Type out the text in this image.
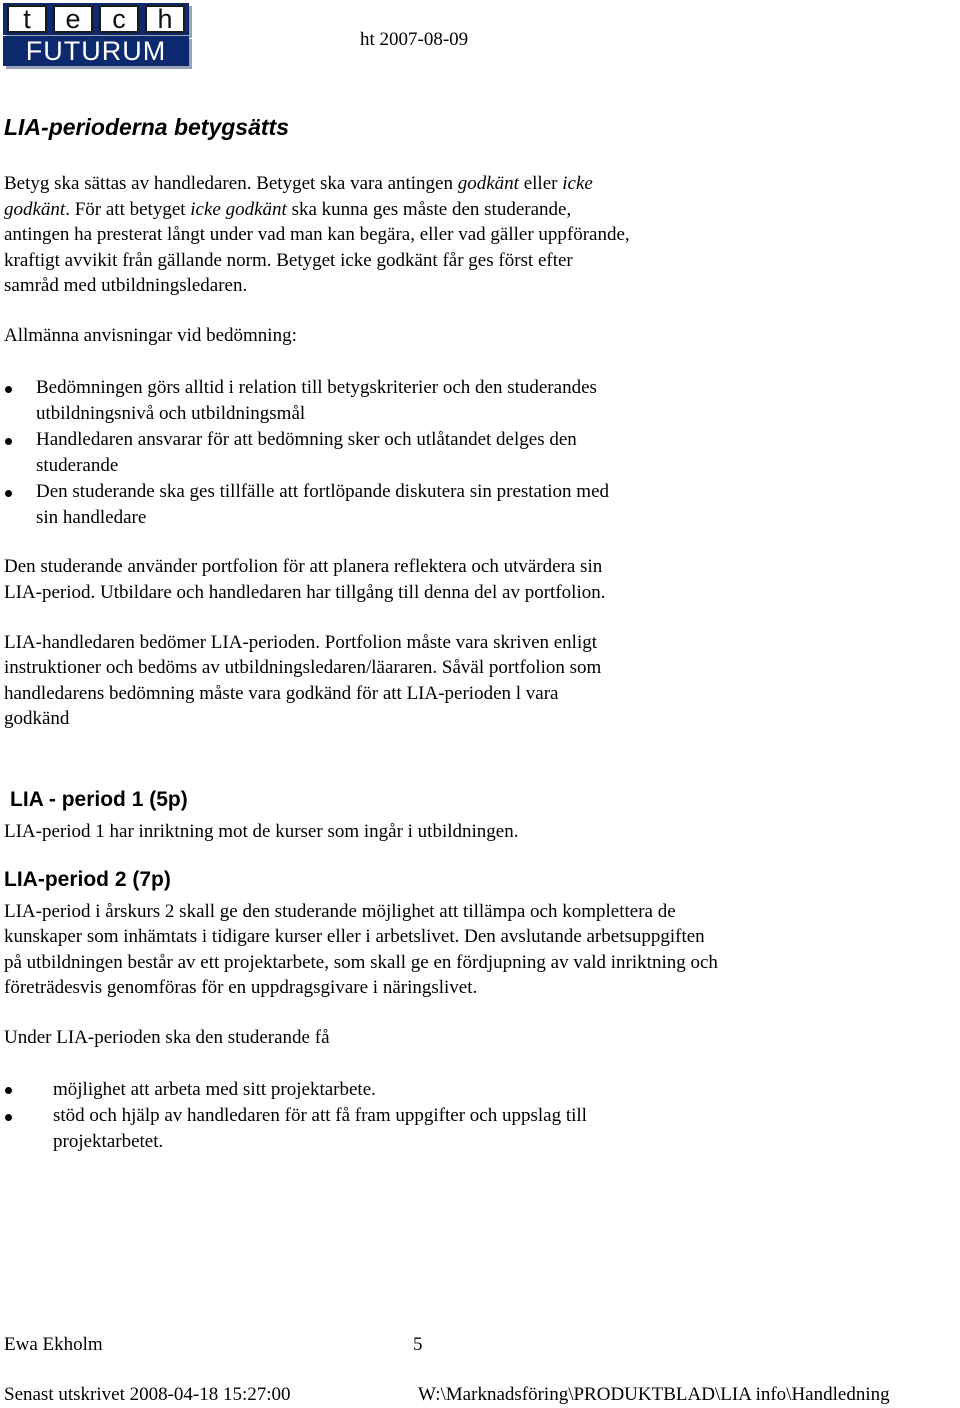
t	e	c	h
FUTURUM	ht 2007-08-09
LIA-perioderna betygsätts
Betyg ska sättas av handledaren. Betyget ska vara antingen godkänt eller icke
godkänt. För att betyget icke godkänt ska kunna ges måste den studerande,
antingen ha presterat långt under vad man kan begära, eller vad gäller uppförande,
kraftigt avvikit från gällande norm. Betyget icke godkänt får ges först efter
samråd med utbildningsledaren.
Allmänna anvisningar vid bedömning:
Bedömningen görs alltid i relation till betygskriterier och den studerandes
utbildningsnivå och utbildningsmål
Handledaren ansvarar för att bedömning sker och utlåtandet delges den
studerande
Den studerande ska ges tillfälle att fortlöpande diskutera sin prestation med
sin handledare
Den studerande använder portfolion för att planera reflektera och utvärdera sin
LIA-period. Utbildare och handledaren har tillgång till denna del av portfolion.
LIA-handledaren bedömer LIA-perioden. Portfolion måste vara skriven enligt
instruktioner och bedöms av utbildningsledaren/läararen. Såväl portfolion som
handledarens bedömning måste vara godkänd för att LIA-perioden l vara
godkänd
LIA - period 1 (5p)
LIA-period 1 har inriktning mot de kurser som ingår i utbildningen.
LIA-period 2 (7p)
LIA-period i årskurs 2 skall ge den studerande möjlighet att tillämpa och komplettera de
kunskaper som inhämtats i tidigare kurser eller i arbetslivet. Den avslutande arbetsuppgiften
på utbildningen består av ett projektarbete, som skall ge en fördjupning av vald inriktning och
företrädesvis genomföras för en uppdragsgivare i näringslivet.
Under LIA-perioden ska den studerande få
möjlighet att arbeta med sitt projektarbete.
stöd och hjälp av handledaren för att få fram uppgifter och uppslag till
projektarbetet.
Ewa Ekholm	5
Senast utskrivet 2008-04-18 15:27:00	W:\Marknadsföring\PRODUKTBLAD\LIA info\Handledning
